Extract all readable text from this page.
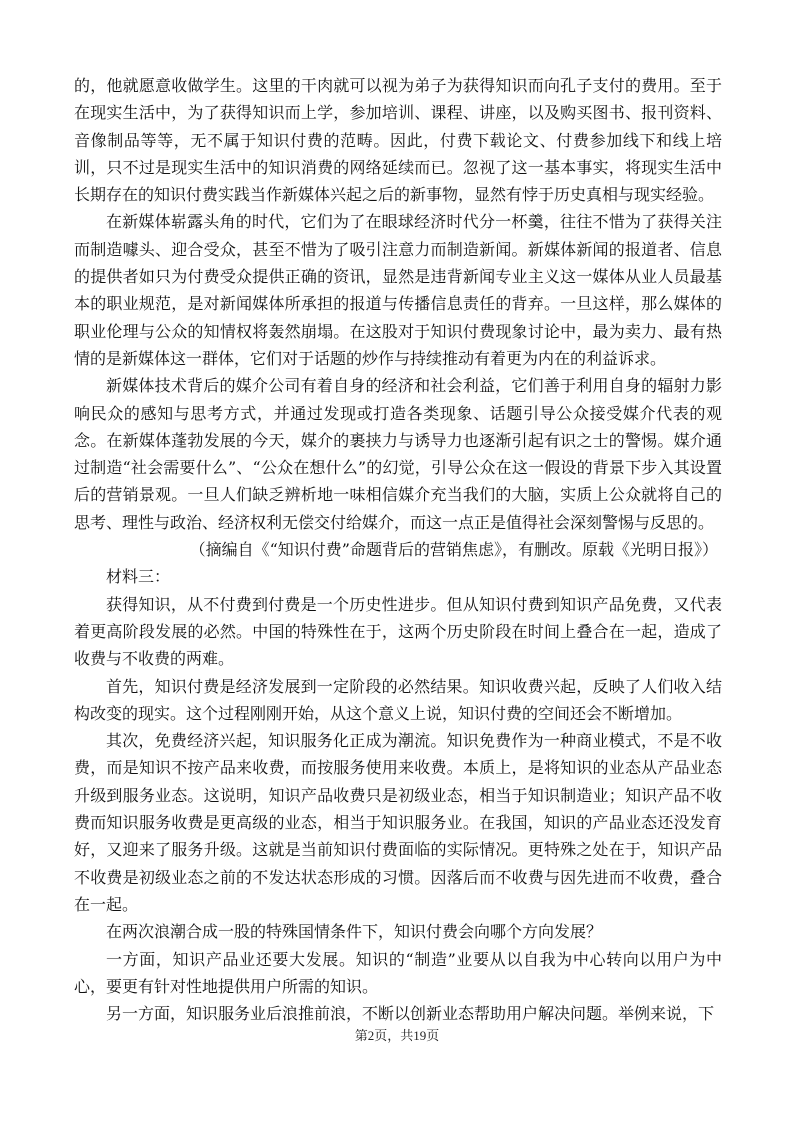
的，他就愿意收做学生。这里的干肉就可以视为弟子为获得知识而向孔子支付的费用。至于在现实生活中，为了获得知识而上学，参加培训、课程、讲座，以及购买图书、报刊资料、音像制品等等，无不属于知识付费的范畴。因此，付费下载论文、付费参加线下和线上培训，只不过是现实生活中的知识消费的网络延续而已。忽视了这一基本事实，将现实生活中长期存在的知识付费实践当作新媒体兴起之后的新事物，显然有悖于历史真相与现实经验。

在新媒体崭露头角的时代，它们为了在眼球经济时代分一杯羹，往往不惜为了获得关注而制造噱头、迎合受众，甚至不惜为了吸引注意力而制造新闻。新媒体新闻的报道者、信息的提供者如只为付费受众提供正确的资讯，显然是违背新闻专业主义这一媒体从业人员最基本的职业规范，是对新闻媒体所承担的报道与传播信息责任的背弃。一旦这样，那么媒体的职业伦理与公众的知情权将轰然崩塌。在这股对于知识付费现象讨论中，最为卖力、最有热情的是新媒体这一群体，它们对于话题的炒作与持续推动有着更为内在的利益诉求。

新媒体技术背后的媒介公司有着自身的经济和社会利益，它们善于利用自身的辐射力影响民众的感知与思考方式，并通过发现或打造各类现象、话题引导公众接受媒介代表的观念。在新媒体蓬勃发展的今天，媒介的裹挟力与诱导力也逐渐引起有识之士的警惕。媒介通过制造“社会需要什么”、“公众在想什么”的幻觉，引导公众在这一假设的背景下步入其设置后的营销景观。一旦人们缺乏辨析地一味相信媒介充当我们的大脑，实质上公众就将自己的思考、理性与政治、经济权利无偿交付给媒介，而这一点正是值得社会深刻警惕与反思的。

（摘编自《“知识付费”命题背后的营销焦虑》，有删改。原载《光明日报》）

材料三：

获得知识，从不付费到付费是一个历史性进步。但从知识付费到知识产品免费，又代表着更高阶段发展的必然。中国的特殊性在于，这两个历史阶段在时间上叠合在一起，造成了收费与不收费的两难。

首先，知识付费是经济发展到一定阶段的必然结果。知识收费兴起，反映了人们收入结构改变的现实。这个过程刚刚开始，从这个意义上说，知识付费的空间还会不断增加。

其次，免费经济兴起，知识服务化正成为潮流。知识免费作为一种商业模式，不是不收费，而是知识不按产品来收费，而按服务使用来收费。本质上，是将知识的业态从产品业态升级到服务业态。这说明，知识产品收费只是初级业态，相当于知识制造业；知识产品不收费而知识服务收费是更高级的业态，相当于知识服务业。在我国，知识的产品业态还没发育好，又迎来了服务升级。这就是当前知识付费面临的实际情况。更特殊之处在于，知识产品不收费是初级业态之前的不发达状态形成的习惯。因落后而不收费与因先进而不收费，叠合在一起。

在两次浪潮合成一股的特殊国情条件下，知识付费会向哪个方向发展？

一方面，知识产品业还要大发展。知识的“制造”业要从以自我为中心转向以用户为中心，要更有针对性地提供用户所需的知识。

另一方面，知识服务业后浪推前浪，不断以创新业态帮助用户解决问题。举例来说，下

第2页，共19页
